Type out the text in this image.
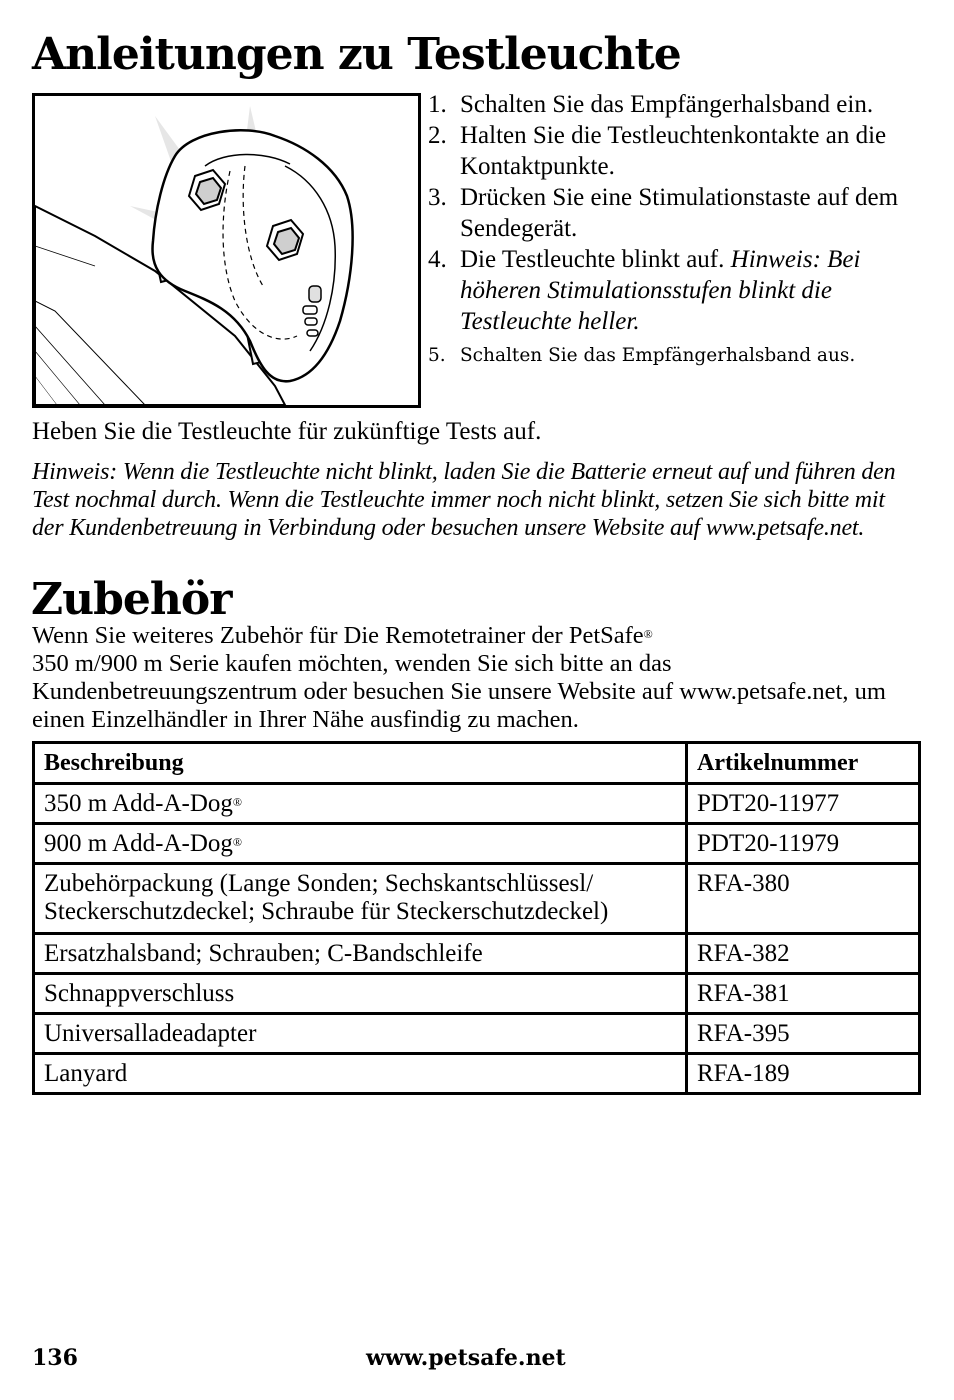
Anleitungen zu Testleuchte
1. Schalten Sie das Empfängerhalsband ein.
2. Halten Sie die Testleuchtenkontakte an die Kontaktpunkte.
3. Drücken Sie eine Stimulationstaste auf dem Sendegerät.
4. Die Testleuchte blinkt auf. Hinweis: Bei höheren Stimulationsstufen blinkt die Testleuchte heller.
5. Schalten Sie das Empfängerhalsband aus.

Heben Sie die Testleuchte für zukünftige Tests auf.

Hinweis: Wenn die Testleuchte nicht blinkt, laden Sie die Batterie erneut auf und führen den Test nochmal durch. Wenn die Testleuchte immer noch nicht blinkt, setzen Sie sich bitte mit der Kundenbetreuung in Verbindung oder besuchen unsere Website auf www.petsafe.net.

Zubehör

Wenn Sie weiteres Zubehör für Die Remotetrainer der PetSafe®
350 m/900 m Serie kaufen möchten, wenden Sie sich bitte an das Kundenbetreuungszentrum oder besuchen Sie unsere Website auf www.petsafe.net, um einen Einzelhändler in Ihrer Nähe ausfindig zu machen.

Beschreibung	Artikelnummer
350 m Add-A-Dog®	PDT20-11977
900 m Add-A-Dog®	PDT20-11979
Zubehörpackung (Lange Sonden; Sechskantschlüssesl/
Steckerschutzdeckel; Schraube für Steckerschutzdeckel)	RFA-380
Ersatzhalsband; Schrauben; C-Bandschleife	RFA-382
Schnappverschluss	RFA-381
Universalladeadapter	RFA-395
Lanyard	RFA-189

136	www.petsafe.net
